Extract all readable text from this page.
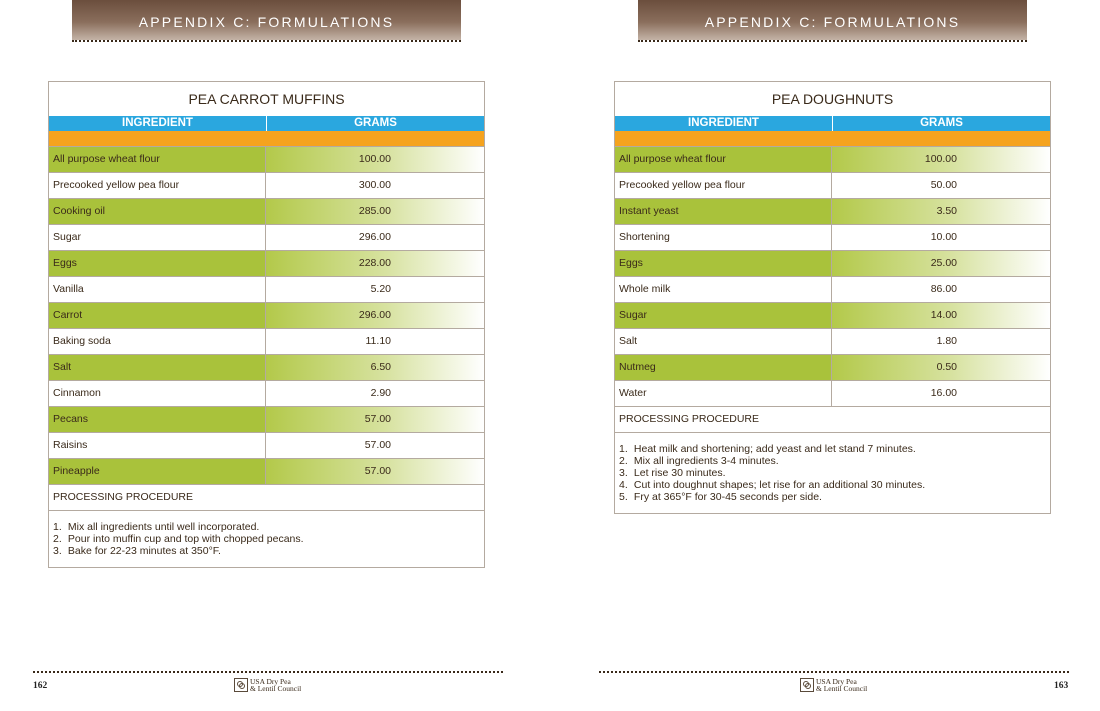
APPENDIX C: FORMULATIONS
PEA CARROT MUFFINS
INGREDIENT	GRAMS
All purpose wheat flour	100.00
Precooked yellow pea flour	300.00
Cooking oil	285.00
Sugar	296.00
Eggs	228.00
Vanilla	5.20
Carrot	296.00
Baking soda	11.10
Salt	6.50
Cinnamon	2.90
Pecans	57.00
Raisins	57.00
Pineapple	57.00
PROCESSING PROCEDURE
1. Mix all ingredients until well incorporated.
2. Pour into muffin cup and top with chopped pecans.
3. Bake for 22-23 minutes at 350°F.
162	USA Dry Pea
& Lentil Council
APPENDIX C: FORMULATIONS
PEA DOUGHNUTS
INGREDIENT	GRAMS
All purpose wheat flour	100.00
Precooked yellow pea flour	50.00
Instant yeast	3.50
Shortening	10.00
Eggs	25.00
Whole milk	86.00
Sugar	14.00
Salt	1.80
Nutmeg	0.50
Water	16.00
PROCESSING PROCEDURE
1. Heat milk and shortening; add yeast and let stand 7 minutes.
2. Mix all ingredients 3-4 minutes.
3. Let rise 30 minutes.
4. Cut into doughnut shapes; let rise for an additional 30 minutes.
5. Fry at 365°F for 30-45 seconds per side.
163
USA Dry Pea
& Lentil Council
